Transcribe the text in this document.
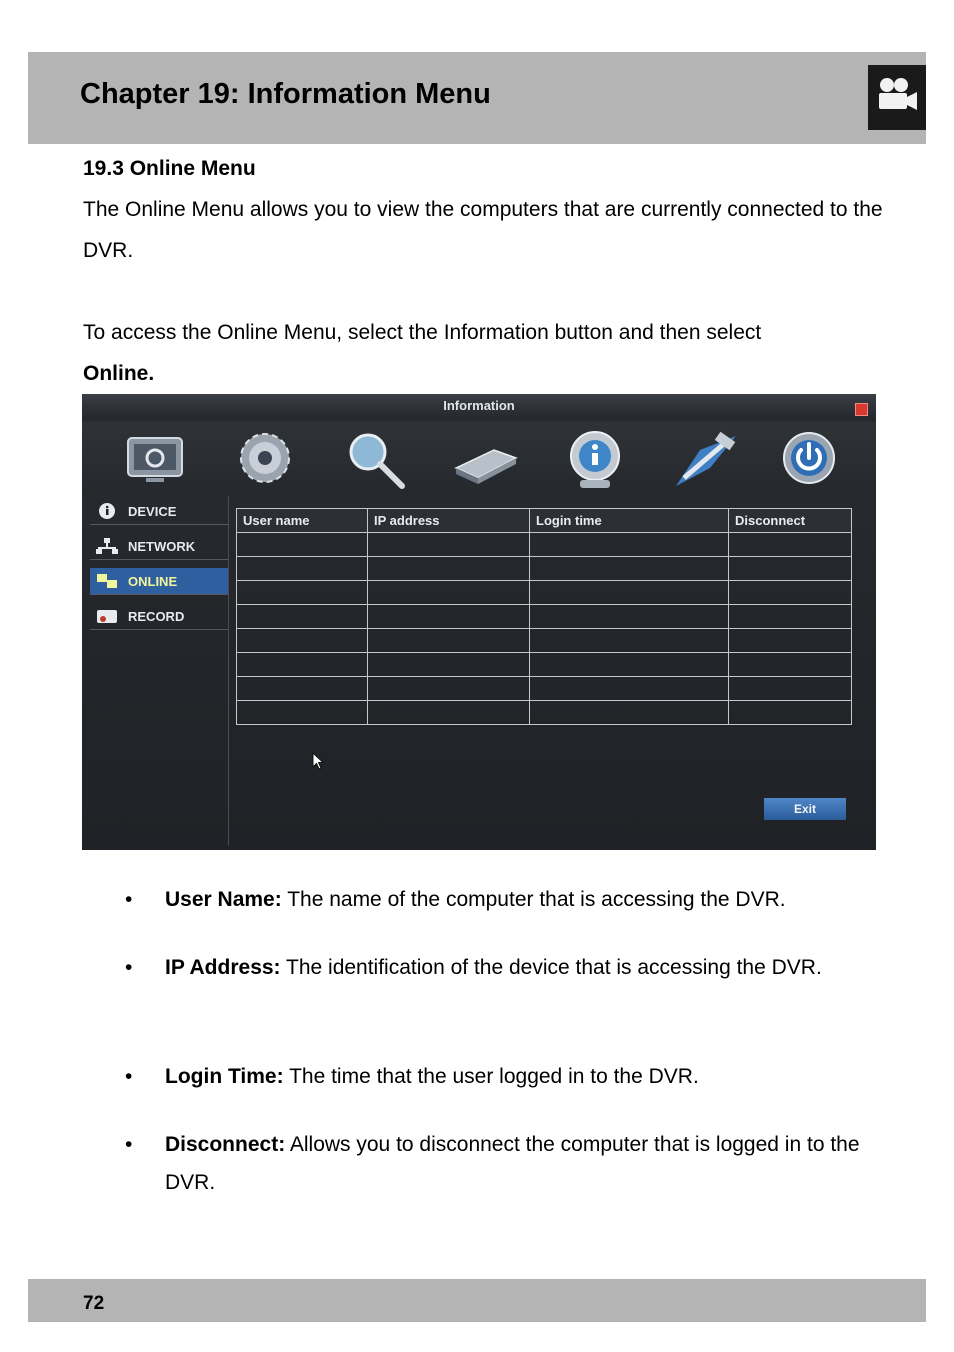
Chapter 19: Information Menu
19.3 Online Menu

The Online Menu allows you to view the computers that are currently connected to the DVR.

To access the Online Menu, select the Information button and then select
Online.

Information
DEVICE
NETWORK
ONLINE
RECORD
User name	IP address	Login time	Disconnect

Exit
• User Name: The name of the computer that is accessing the DVR.
• IP Address: The identification of the device that is accessing the DVR.
• Login Time: The time that the user logged in to the DVR.
• Disconnect: Allows you to disconnect the computer that is logged in to the DVR.
72
